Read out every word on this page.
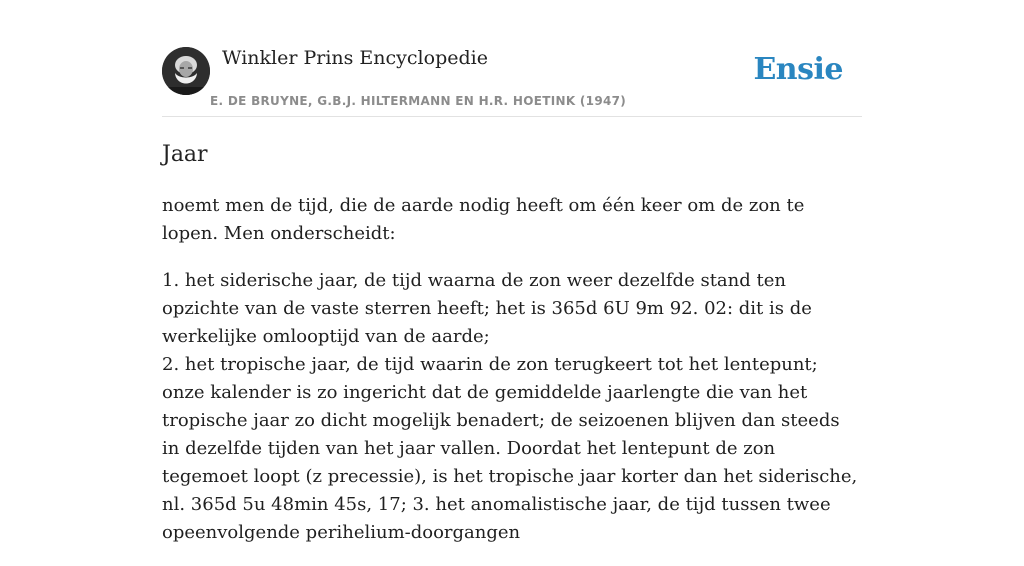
Winkler Prins Encyclopedie
E. DE BRUYNE, G.B.J. HILTERMANN EN H.R. HOETINK (1947)
Ensie
Jaar

noemt men de tijd, die de aarde nodig heeft om één keer om de zon te lopen. Men onderscheidt:

1. het siderische jaar, de tijd waarna de zon weer dezelfde stand ten opzichte van de vaste sterren heeft; het is 365d 6U 9m 92. 02: dit is de werkelijke omlooptijd van de aarde;
2. het tropische jaar, de tijd waarin de zon terugkeert tot het lentepunt; onze kalender is zo ingericht dat de gemiddelde jaarlengte die van het tropische jaar zo dicht mogelijk benadert; de seizoenen blijven dan steeds in dezelfde tijden van het jaar vallen. Doordat het lentepunt de zon tegemoet loopt (z precessie), is het tropische jaar korter dan het siderische, nl. 365d 5u 48min 45s, 17; 3. het anomalistische jaar, de tijd tussen twee opeenvolgende perihelium-doorgangen
